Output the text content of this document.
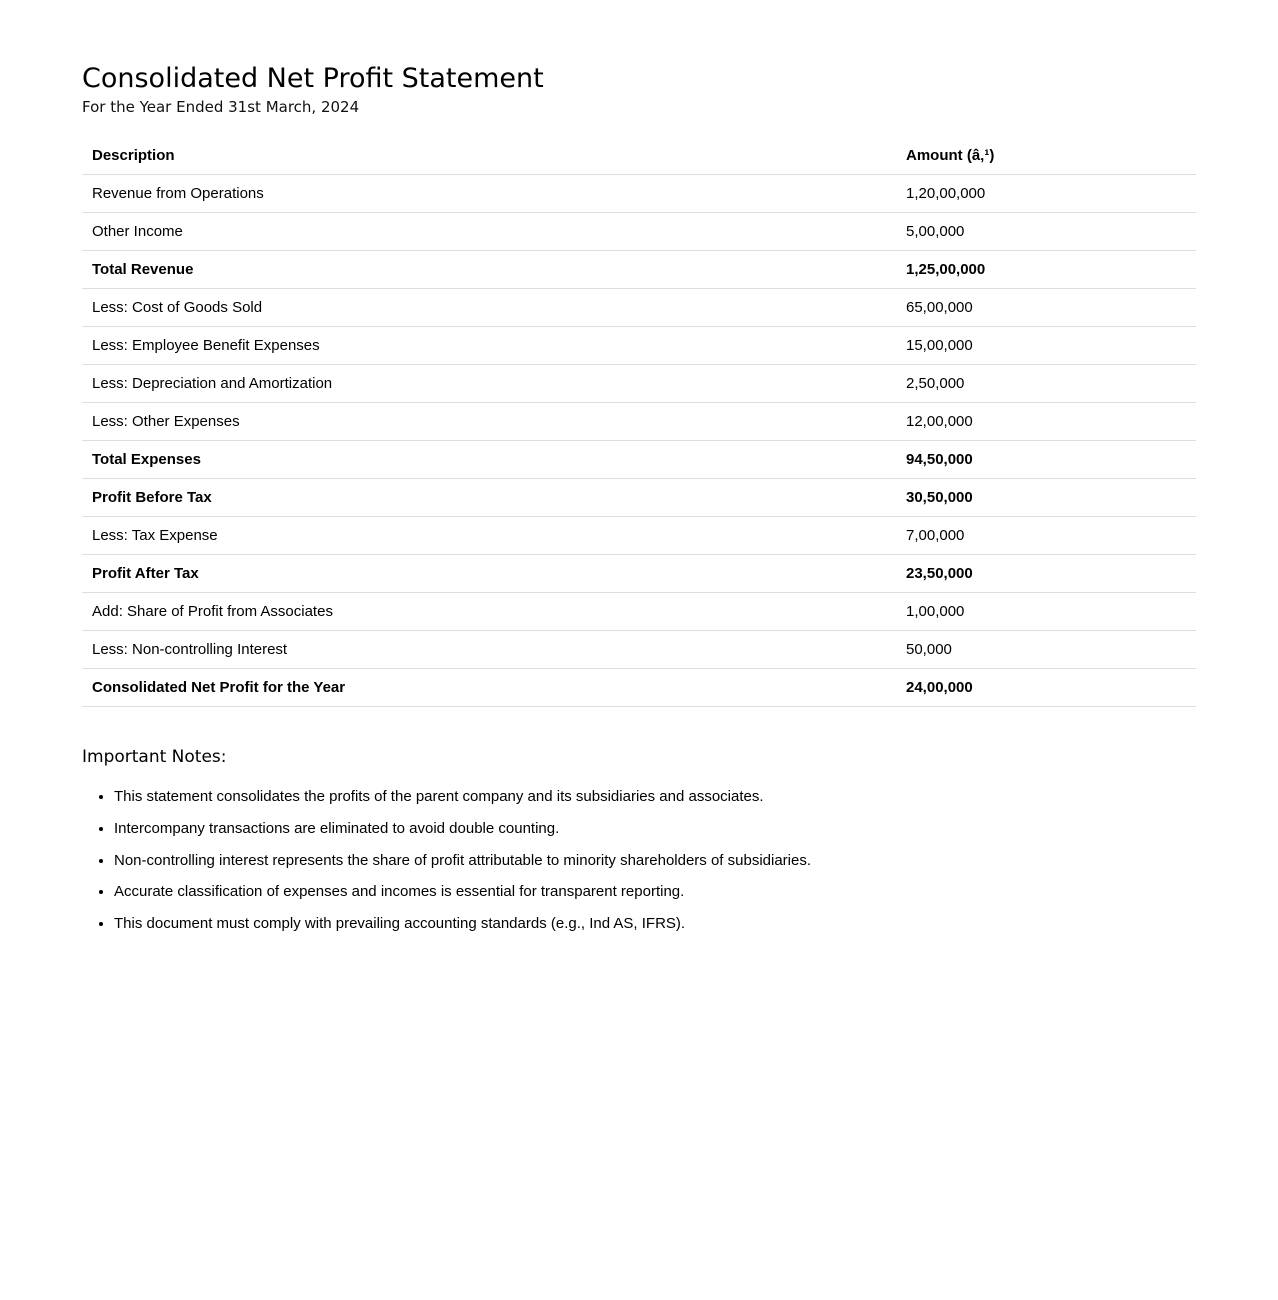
Consolidated Net Profit Statement
For the Year Ended 31st March, 2024
Description	Amount (â‚¹)
Revenue from Operations	1,20,00,000
Other Income	5,00,000
Total Revenue	1,25,00,000
Less: Cost of Goods Sold	65,00,000
Less: Employee Benefit Expenses	15,00,000
Less: Depreciation and Amortization	2,50,000
Less: Other Expenses	12,00,000
Total Expenses	94,50,000
Profit Before Tax	30,50,000
Less: Tax Expense	7,00,000
Profit After Tax	23,50,000
Add: Share of Profit from Associates	1,00,000
Less: Non-controlling Interest	50,000
Consolidated Net Profit for the Year	24,00,000
Important Notes:
• This statement consolidates the profits of the parent company and its subsidiaries and associates.
• Intercompany transactions are eliminated to avoid double counting.
• Non-controlling interest represents the share of profit attributable to minority shareholders of subsidiaries.
• Accurate classification of expenses and incomes is essential for transparent reporting.
• This document must comply with prevailing accounting standards (e.g., Ind AS, IFRS).
